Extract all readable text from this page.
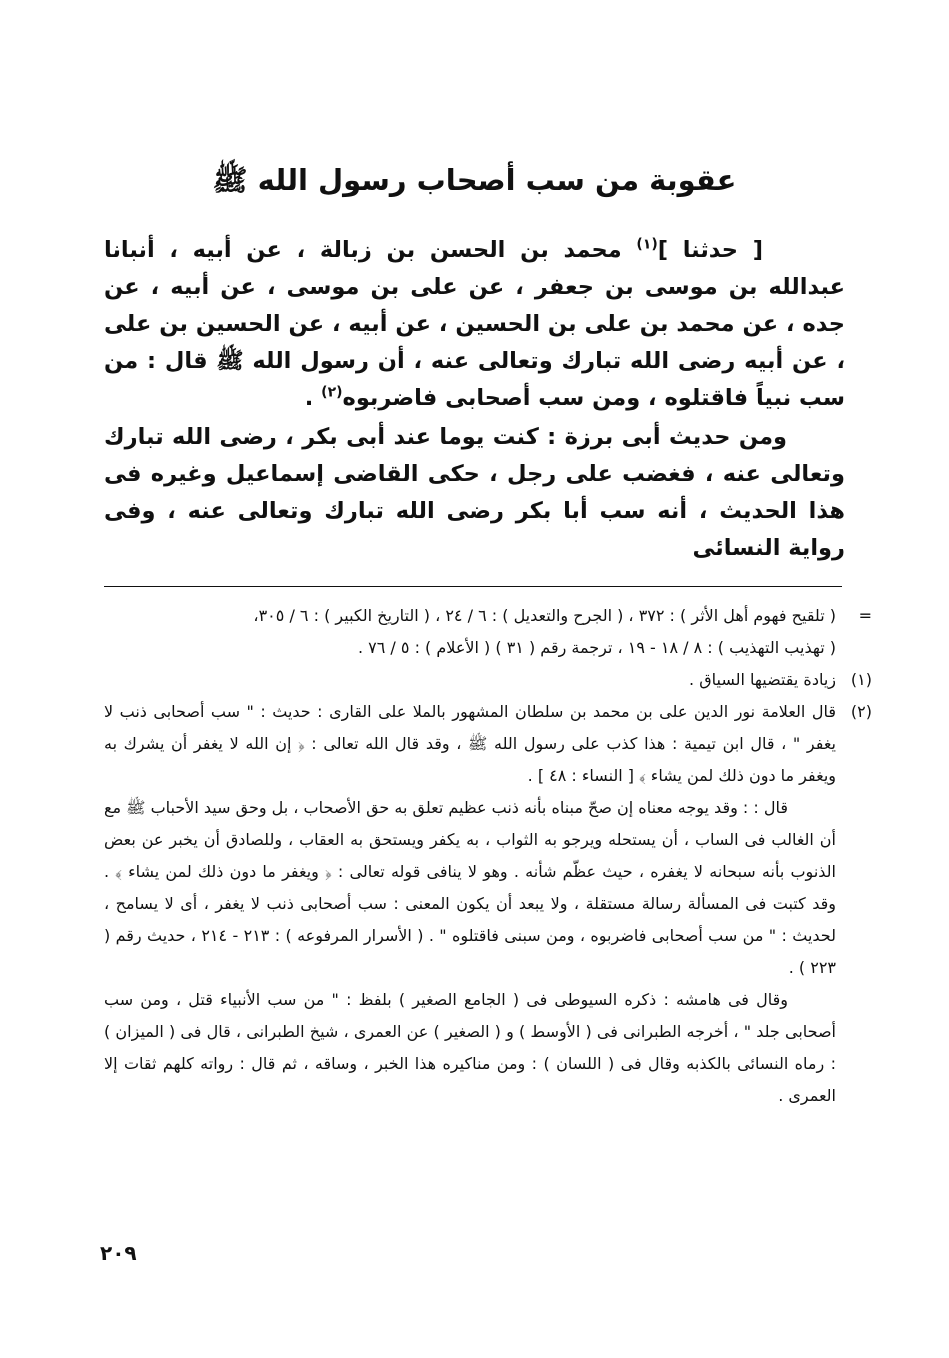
عقوبة من سب أصحاب رسول الله ﷺ

[ حدثنا ]$^{(١)}$ محمد بن الحسن بن زبالة ، عن أبيه ، أنبانا عبدالله بن موسى بن جعفر ، عن على بن موسى ، عن أبيه ، عن جده ، عن محمد بن على بن الحسين ، عن أبيه ، عن الحسين بن على ، عن أبيه رضى الله تبارك وتعالى عنه ، أن رسول الله ﷺ قال : من سب نبياً فاقتلوه ، ومن سب أصحابى فاضربوه$^{(٢)}$ .

ومن حديث أبى برزة : كنت يوما عند أبى بكر ، رضى الله تبارك وتعالى عنه ، فغضب على رجل ، حكى القاضى إسماعيل وغيره فى هذا الحديث ، أنه سب أبا بكر رضى الله تبارك وتعالى عنه ، وفى رواية النسائى

=
( تلقيح فهوم أهل الأثر ) : ٣٧٢ ، ( الجرح والتعديل ) : ٦ / ٢٤ ، ( التاريخ الكبير ) : ٦ / ٣٠٥،
( تهذيب التهذيب ) : ٨ / ١٨ - ١٩ ، ترجمة رقم ( ٣١ ) ( الأعلام ) : ٥ / ٧٦ .
(١)

زيادة يقتضيها السياق .

(٢)

قال العلامة نور الدين على بن محمد بن سلطان المشهور بالملا على القارى : حديث : " سب أصحابى ذنب لا يغفر " ، قال ابن تيمية : هذا كذب على رسول الله ﷺ ، وقد قال الله تعالى : ﴿ إن الله لا يغفر أن يشرك به ويغفر ما دون ذلك لمن يشاء ﴾ [ النساء : ٤٨ ] .

قال : : وقد يوجه معناه إن صحّ مبناه بأنه ذنب عظيم تعلق به حق الأصحاب ، بل وحق سيد الأحباب ﷺ مع أن الغالب فى الساب ، أن يستحله ويرجو به الثواب ، به يكفر ويستحق به العقاب ، وللصادق أن يخبر عن بعض الذنوب بأنه سبحانه لا يغفره ، حيث عظّم شأنه . وهو لا ينافى قوله تعالى : ﴿ ويغفر ما دون ذلك لمن يشاء ﴾ . وقد كتبت فى المسألة رسالة مستقلة ، ولا يبعد أن يكون المعنى : سب أصحابى ذنب لا يغفر ، أى لا يسامح ، لحديث : " من سب أصحابى فاضربوه ، ومن سبنى فاقتلوه " . ( الأسرار المرفوعه ) : ٢١٣ - ٢١٤ ، حديث رقم ( ٢٢٣ ) .

وقال فى هامشه : ذكره السيوطى فى ( الجامع الصغير ) بلفظ : " من سب الأنبياء قتل ، ومن سب أصحابى جلد " ، أخرجه الطبرانى فى ( الأوسط ) و ( الصغير ) عن العمرى ، شيخ الطبرانى ، قال فى ( الميزان ) : رماه النسائى بالكذبه وقال فى ( اللسان ) : ومن مناكيره هذا الخبر ، وساقه ، ثم قال : رواته كلهم ثقات إلا العمرى .

٢٠٩
